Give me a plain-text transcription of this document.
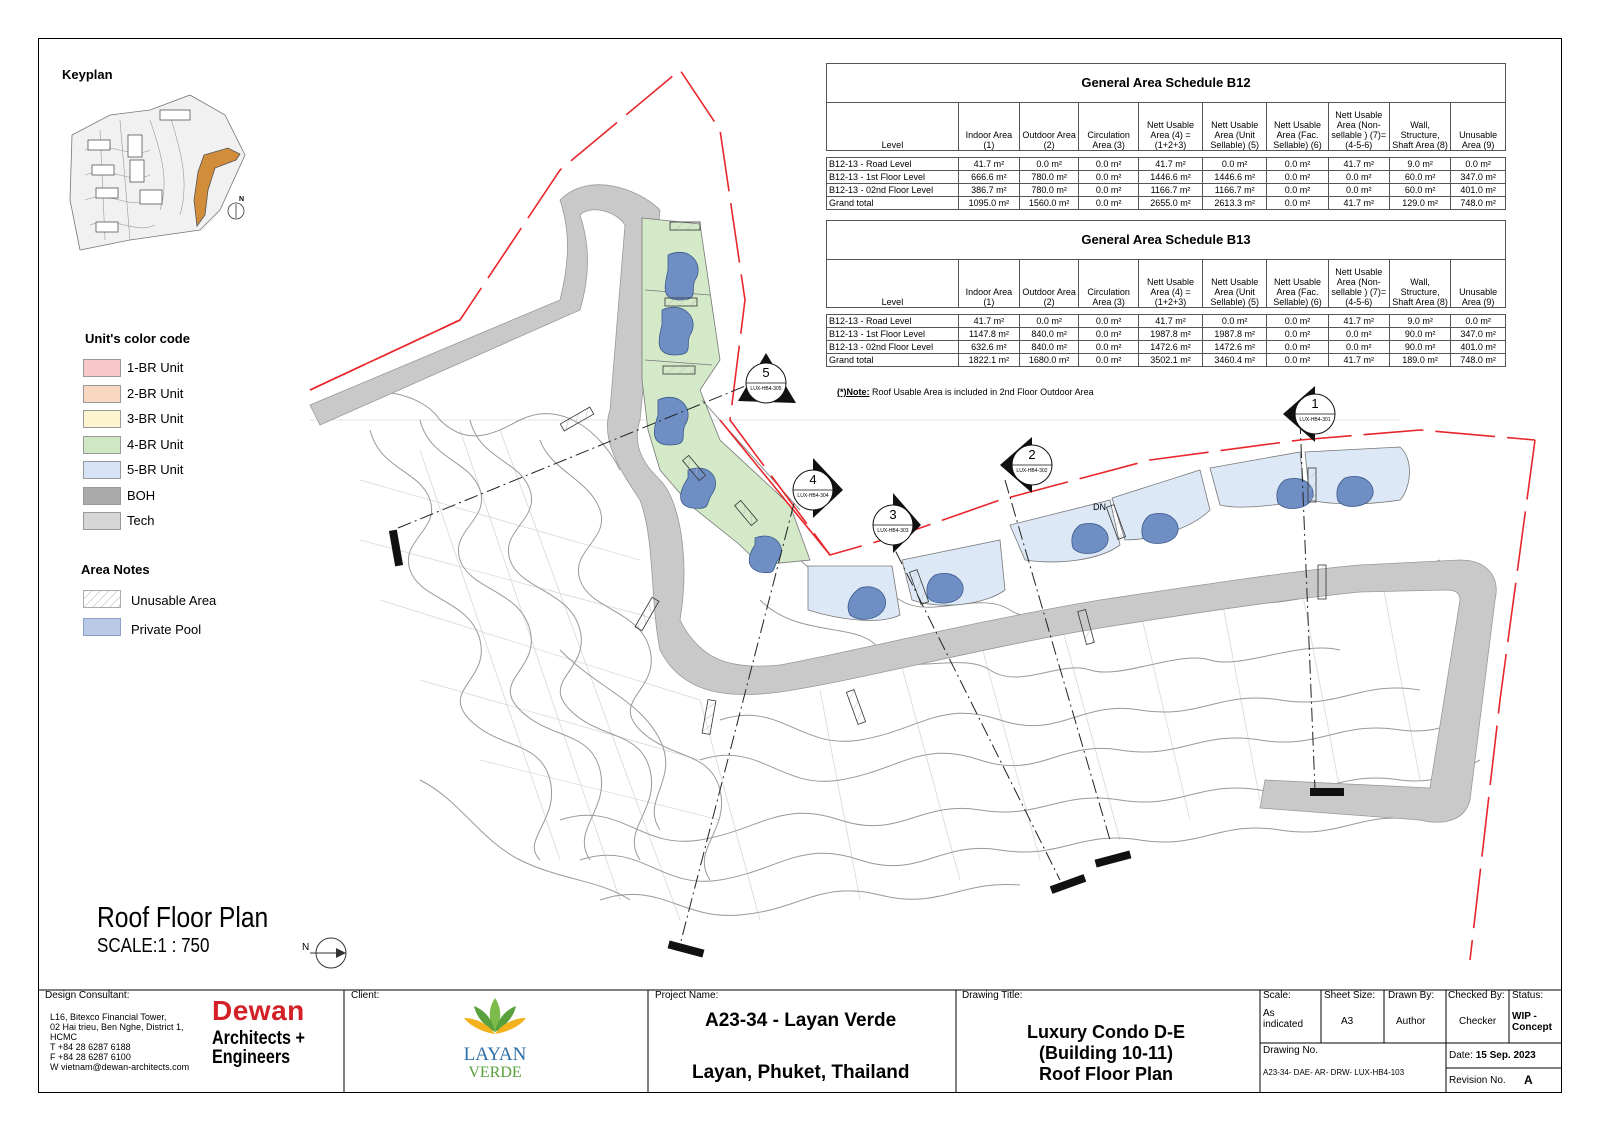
Keyplan
N
Unit's color code
1-BR Unit
2-BR Unit
3-BR Unit
4-BR Unit
5-BR Unit
BOH
Tech
Area Notes
Unusable Area
Private Pool
Roof Floor Plan
SCALE:1 : 750	N
DN
1
LUX-HB4-301
2
LUX-HB4-302
3
LUX-HB4-303
4
LUX-HB4-304
5
LUX-HB4-305
General Area Schedule B12									
Level	Indoor Area (1)	Outdoor Area (2)	Circulation Area (3)	Nett Usable Area (4) = (1+2+3)	Nett Usable Area (Unit Sellable) (5)	Nett Usable Area (Fac. Sellable) (6)	Nett Usable Area (Non-sellable ) (7)=(4-5-6)	Wall, Structure, Shaft Area (8)	Unusable Area (9)

B12-13 - Road Level	41.7 m²	0.0 m²	0.0 m²	41.7 m²	0.0 m²	0.0 m²	41.7 m²	9.0 m²	0.0 m²
B12-13 - 1st Floor Level	666.6 m²	780.0 m²	0.0 m²	1446.6 m²	1446.6 m²	0.0 m²	0.0 m²	60.0 m²	347.0 m²
B12-13 - 02nd Floor Level	386.7 m²	780.0 m²	0.0 m²	1166.7 m²	1166.7 m²	0.0 m²	0.0 m²	60.0 m²	401.0 m²
Grand total	1095.0 m²	1560.0 m²	0.0 m²	2655.0 m²	2613.3 m²	0.0 m²	41.7 m²	129.0 m²	748.0 m²
General Area Schedule B13									
Level	Indoor Area (1)	Outdoor Area (2)	Circulation Area (3)	Nett Usable Area (4) = (1+2+3)	Nett Usable Area (Unit Sellable) (5)	Nett Usable Area (Fac. Sellable) (6)	Nett Usable Area (Non-sellable ) (7)=(4-5-6)	Wall, Structure, Shaft Area (8)	Unusable Area (9)

B12-13 - Road Level	41.7 m²	0.0 m²	0.0 m²	41.7 m²	0.0 m²	0.0 m²	41.7 m²	9.0 m²	0.0 m²
B12-13 - 1st Floor Level	1147.8 m²	840.0 m²	0.0 m²	1987.8 m²	1987.8 m²	0.0 m²	0.0 m²	90.0 m²	347.0 m²
B12-13 - 02nd Floor Level	632.6 m²	840.0 m²	0.0 m²	1472.6 m²	1472.6 m²	0.0 m²	0.0 m²	90.0 m²	401.0 m²
Grand total	1822.1 m²	1680.0 m²	0.0 m²	3502.1 m²	3460.4 m²	0.0 m²	41.7 m²	189.0 m²	748.0 m²
(*)Note: Roof Usable Area is included in 2nd Floor Outdoor Area
Design Consultant:
L16, Bitexco Financial Tower,
02 Hai trieu, Ben Nghe, District 1,
HCMC
T +84 28 6287 6188
F +84 28 6287 6100
W vietnam@dewan-architects.com
Dewan
Architects +
Engineers
Client:
LAYAN
VERDE
Project Name:
A23-34 - Layan Verde
Layan, Phuket, Thailand
Drawing Title:
Luxury Condo D-E
(Building 10-11)
Roof Floor Plan
Scale:
As
indicated
Sheet Size:
A3
Drawn By:
Author
Checked By:
Checker
Status:
WIP -
Concept
Drawing No.
A23-34- DAE- AR- DRW- LUX-HB4-103
Date: 15 Sep. 2023
Revision No. A
